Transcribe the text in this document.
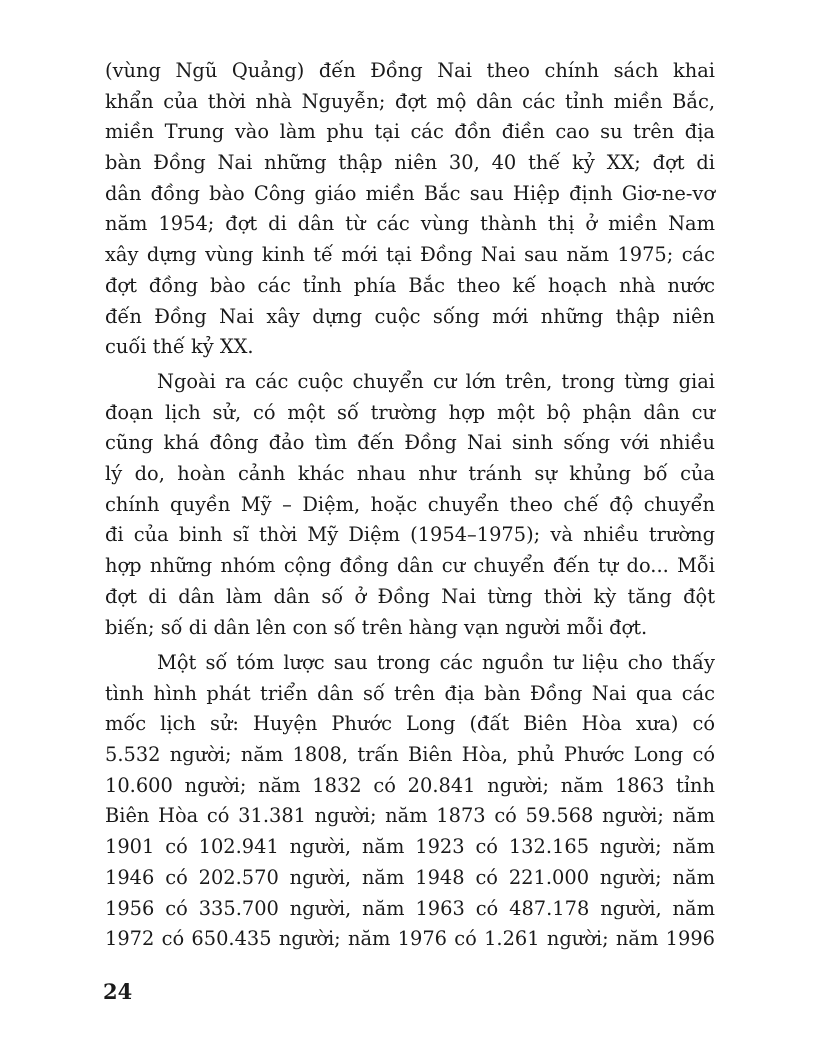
(vùng Ngũ Quảng) đến Đồng Nai theo chính sách khai
khẩn của thời nhà Nguyễn; đợt mộ dân các tỉnh miền Bắc,
miền Trung vào làm phu tại các đồn điền cao su trên địa
bàn Đồng Nai những thập niên 30, 40 thế kỷ XX; đợt di
dân đồng bào Công giáo miền Bắc sau Hiệp định Giơ-ne-vơ
năm 1954; đợt di dân từ các vùng thành thị ở miền Nam
xây dựng vùng kinh tế mới tại Đồng Nai sau năm 1975; các
đợt đồng bào các tỉnh phía Bắc theo kế hoạch nhà nước
đến Đồng Nai xây dựng cuộc sống mới những thập niên
cuối thế kỷ XX.
Ngoài ra các cuộc chuyển cư lớn trên, trong từng giai
đoạn lịch sử, có một số trường hợp một bộ phận dân cư
cũng khá đông đảo tìm đến Đồng Nai sinh sống với nhiều
lý do, hoàn cảnh khác nhau như tránh sự khủng bố của
chính quyền Mỹ – Diệm, hoặc chuyển theo chế độ chuyển
đi của binh sĩ thời Mỹ Diệm (1954–1975); và nhiều trường
hợp những nhóm cộng đồng dân cư chuyển đến tự do... Mỗi
đợt di dân làm dân số ở Đồng Nai từng thời kỳ tăng đột
biến; số di dân lên con số trên hàng vạn người mỗi đợt.
Một số tóm lược sau trong các nguồn tư liệu cho thấy
tình hình phát triển dân số trên địa bàn Đồng Nai qua các
mốc lịch sử: Huyện Phước Long (đất Biên Hòa xưa) có
5.532 người; năm 1808, trấn Biên Hòa, phủ Phước Long có
10.600 người; năm 1832 có 20.841 người; năm 1863 tỉnh
Biên Hòa có 31.381 người; năm 1873 có 59.568 người; năm
1901 có 102.941 người, năm 1923 có 132.165 người; năm
1946 có 202.570 người, năm 1948 có 221.000 người; năm
1956 có 335.700 người, năm 1963 có 487.178 người, năm
1972 có 650.435 người; năm 1976 có 1.261 người; năm 1996
24
